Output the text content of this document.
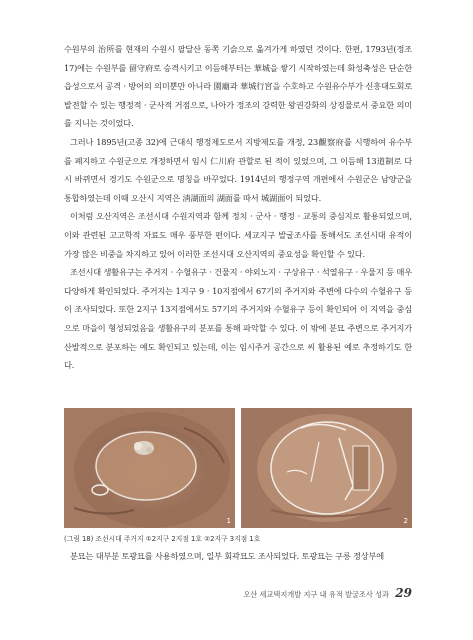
수원부의 治所를 현재의 수원시 팔달산 동쪽 기슭으로 옮겨가게 하였던 것이다. 한편, 1793년(정조 17)에는 수원부를 留守府로 승격시키고 이듬해부터는 華城을 쌓기 시작하였는데 화성축성은 단순한 읍성으로서 공격 · 방어의 의미뿐만 아니라 園廟과 華城行宮을 수호하고 수원유수부가 신흥대도회로 발전할 수 있는 행정적 · 군사적 거점으로, 나아가 정조의 강력한 왕권강화의 상징물로서 중요한 의미를 지니는 것이었다.

그러나 1895년(고종 32)에 근대식 행정제도로서 지방제도를 개정, 23觀察府를 시행하여 유수부를 폐지하고 수원군으로 개정하면서 임시 仁川府 관할로 된 적이 있었으며, 그 이듬해 13道制로 다시 바뀌면서 경기도 수원군으로 명칭을 바꾸었다. 1914년의 행정구역 개편에서 수원군은 남양군을 통합하였는데 이때 오산시 지역은 淸湖面의 湖面를 따서 城湖面이 되었다.

이처럼 오산지역은 조선시대 수원지역과 함께 정치 · 군사 · 행정 · 교통의 중심지로 활용되었으며, 이와 관련된 고고학적 자료도 매우 풍부한 편이다. 세교지구 발굴조사를 통해서도 조선시대 유적이 가장 많은 비중을 차지하고 있어 이러한 조선시대 오산지역의 중요성을 확인할 수 있다.

조선시대 생활유구는 주거지 · 수혈유구 · 건물지 · 야외노지 · 구상유구 · 석열유구 · 우물지 등 매우 다양하게 확인되었다. 주거지는 1지구 9 · 10지점에서 67기의 주거지와 주변에 다수의 수혈유구 등이 조사되었다. 또한 2지구 13지점에서도 57기의 주거지와 수혈유구 등이 확인되어 이 지역을 중심으로 마을이 형성되었음을 생활유구의 분포를 통해 파악할 수 있다. 이 밖에 분묘 주변으로 주거지가 산발적으로 분포하는 예도 확인되고 있는데, 이는 임시주거 공간으로 씨 활용된 예로 추정하기도 한다.

1	2
(그림 18) 조선시대 주거지 ①2지구 2지점 1호 ②2지구 3지점 1호
분묘는 대부분 토광묘를 사용하였으며, 일부 회곽묘도 조사되었다. 토광묘는 구릉 정상부에
오산 세교택지개발 지구 내 유적 발굴조사 성과 29
